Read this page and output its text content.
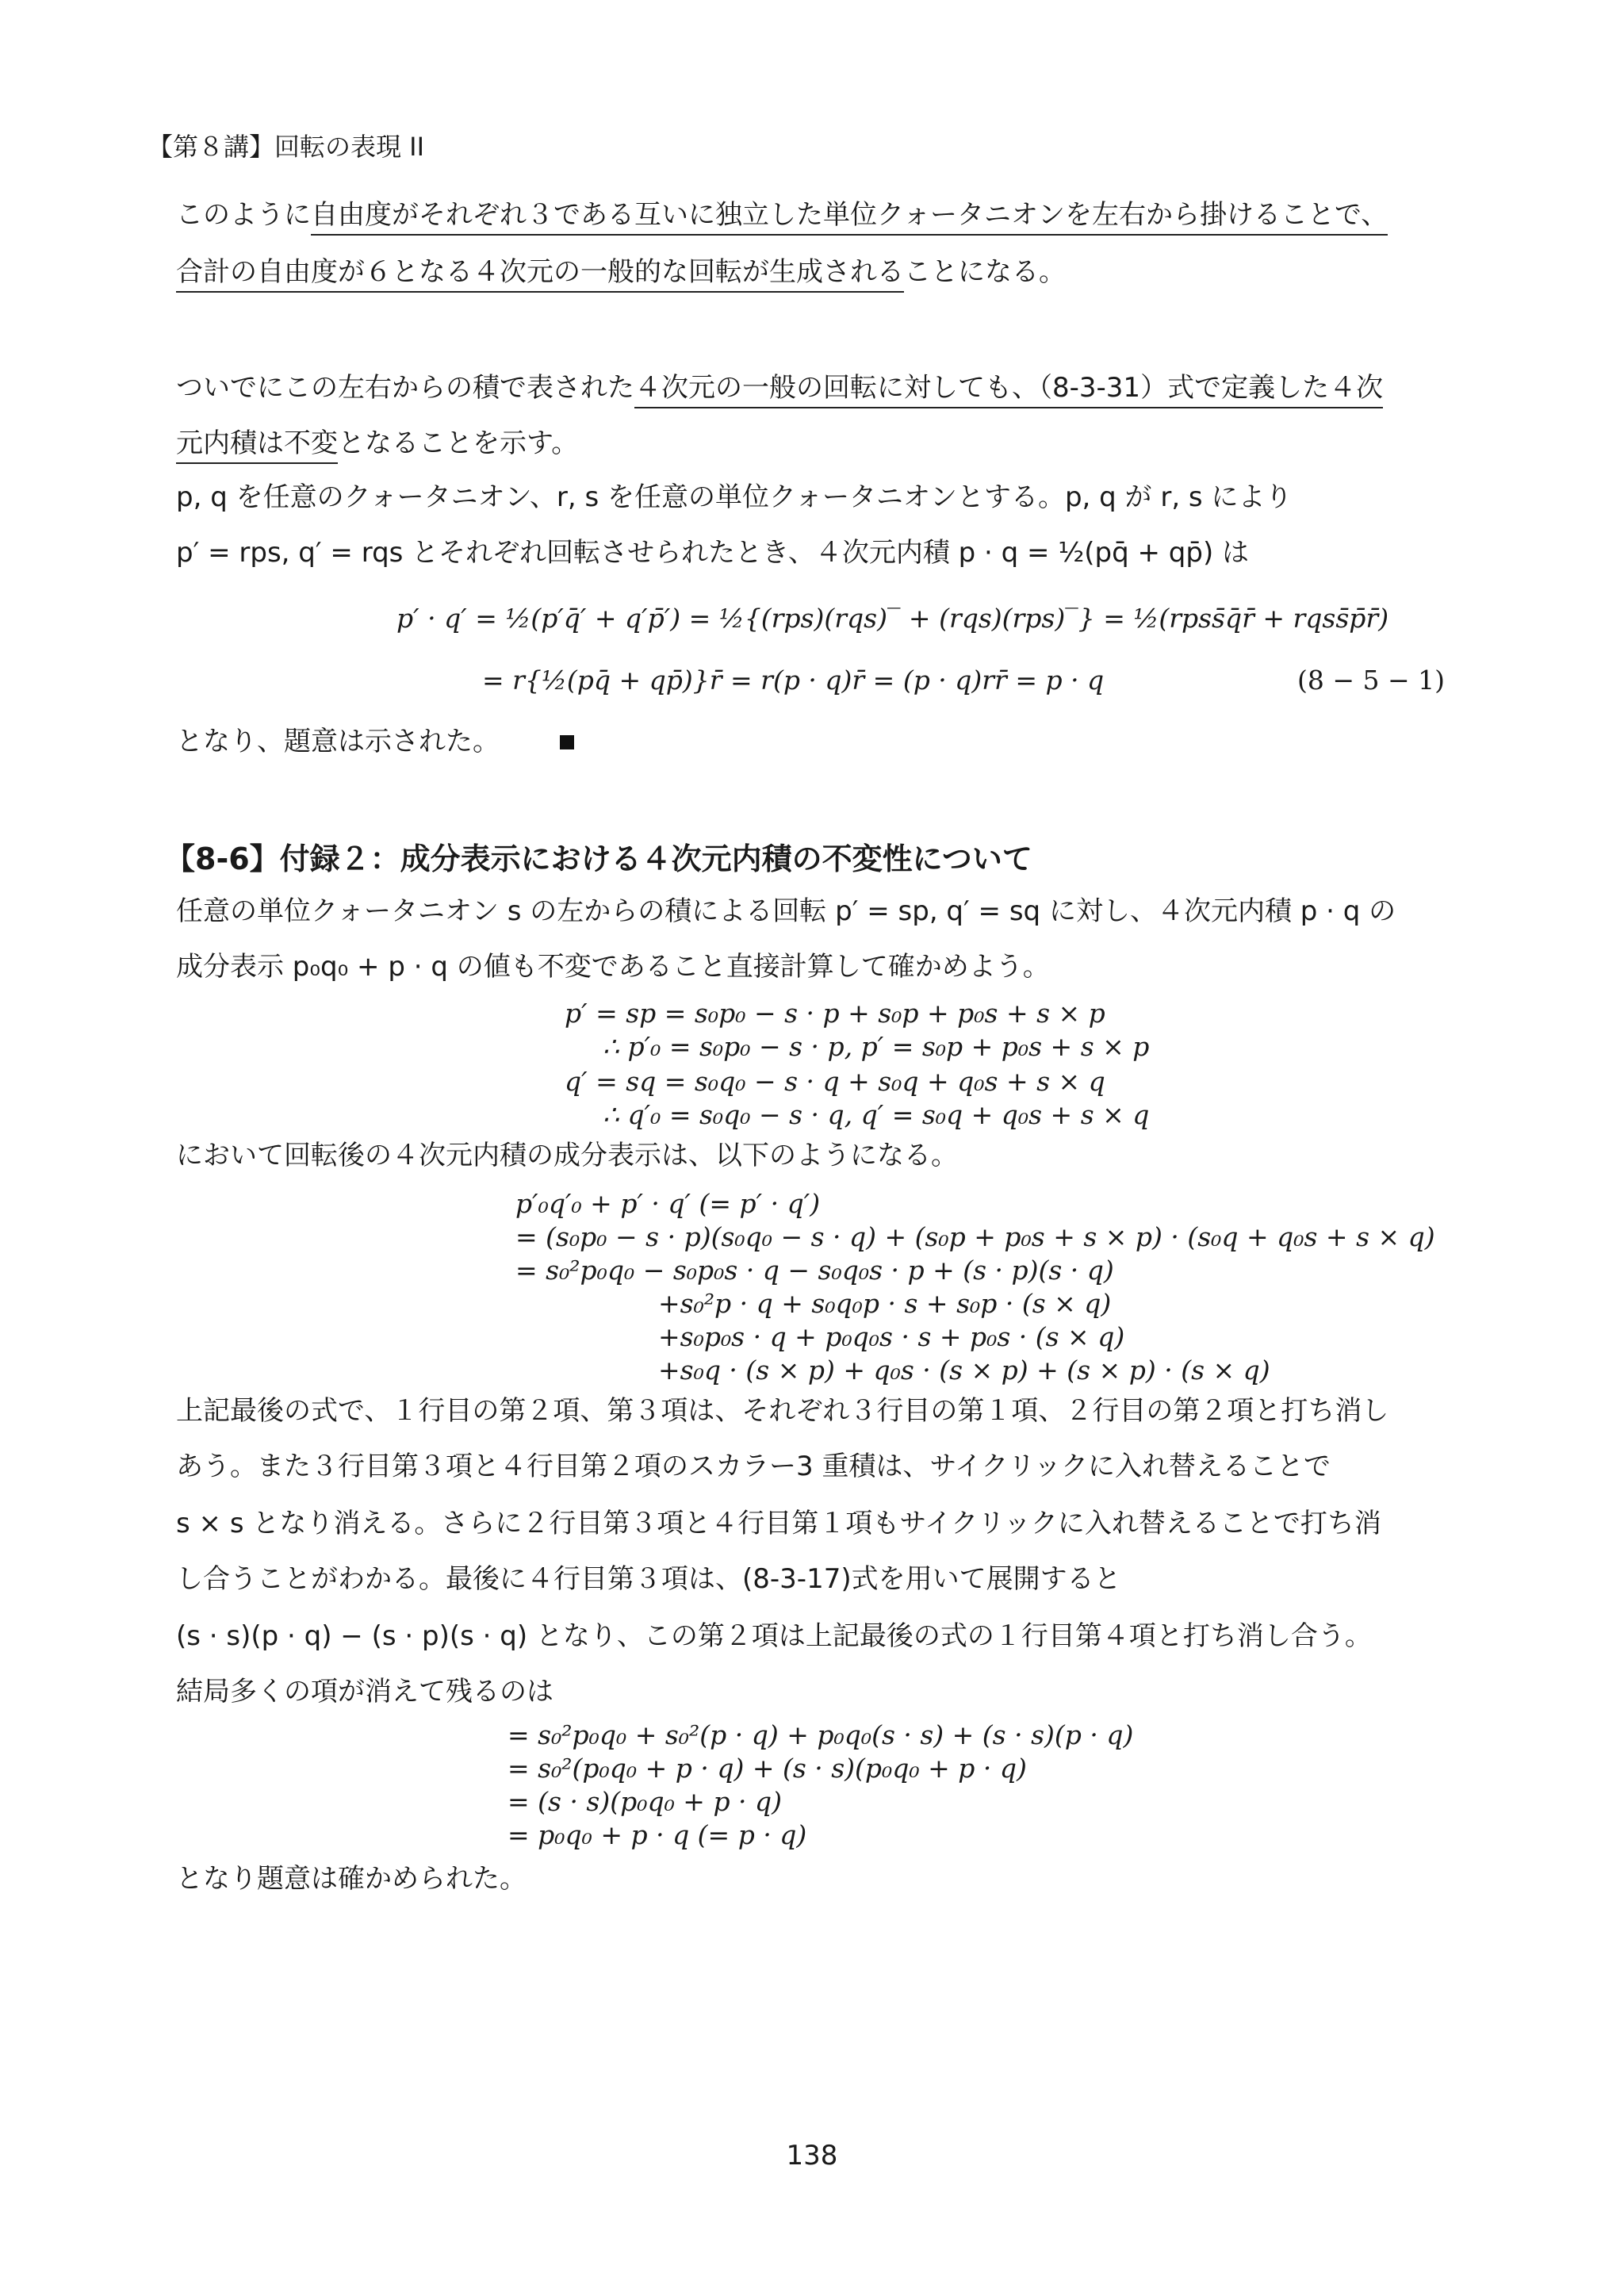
【第８講】回転の表現 II
このように自由度がそれぞれ３である互いに独立した単位クォータニオンを左右から掛けることで、
合計の自由度が６となる４次元の一般的な回転が生成されることになる。
ついでにこの左右からの積で表された４次元の一般の回転に対しても、（8-3-31）式で定義した４次
元内積は不変となることを示す。
p, q を任意のクォータニオン、r, s を任意の単位クォータニオンとする。p, q が r, s により
p′ = rps, q′ = rqs とそれぞれ回転させられたとき、４次元内積 p · q = ½(pq̄ + qp̄) は
p′ · q′ = ½(p′q̄′ + q′p̄′) = ½{(rps)(rqs)‾ + (rqs)(rps)‾} = ½(rpss̄q̄r̄ + rqss̄p̄r̄)
= r{½(pq̄ + qp̄)}r̄ = r(p · q)r̄ = (p · q)rr̄ = p · q	(8 − 5 − 1)
となり、題意は示された。
【8-6】付録２：成分表示における４次元内積の不変性について
任意の単位クォータニオン s の左からの積による回転 p′ = sp, q′ = sq に対し、４次元内積 p · q の
成分表示 p₀q₀ + p · q の値も不変であること直接計算して確かめよう。
p′ = sp = s₀p₀ − s · p + s₀p + p₀s + s × p
∴ p′₀ = s₀p₀ − s · p, p′ = s₀p + p₀s + s × p
q′ = sq = s₀q₀ − s · q + s₀q + q₀s + s × q
∴ q′₀ = s₀q₀ − s · q, q′ = s₀q + q₀s + s × q
において回転後の４次元内積の成分表示は、以下のようになる。
p′₀q′₀ + p′ · q′ (= p′ · q′)
= (s₀p₀ − s · p)(s₀q₀ − s · q) + (s₀p + p₀s + s × p) · (s₀q + q₀s + s × q)
= s₀²p₀q₀ − s₀p₀s · q − s₀q₀s · p + (s · p)(s · q)
+s₀²p · q + s₀q₀p · s + s₀p · (s × q)
+s₀p₀s · q + p₀q₀s · s + p₀s · (s × q)
+s₀q · (s × p) + q₀s · (s × p) + (s × p) · (s × q)
上記最後の式で、１行目の第２項、第３項は、それぞれ３行目の第１項、２行目の第２項と打ち消し
あう。また３行目第３項と４行目第２項のスカラー3 重積は、サイクリックに入れ替えることで
s × s となり消える。さらに２行目第３項と４行目第１項もサイクリックに入れ替えることで打ち消
し合うことがわかる。最後に４行目第３項は、(8-3-17)式を用いて展開すると
(s · s)(p · q) − (s · p)(s · q) となり、この第２項は上記最後の式の１行目第４項と打ち消し合う。
結局多くの項が消えて残るのは
= s₀²p₀q₀ + s₀²(p · q) + p₀q₀(s · s) + (s · s)(p · q)
= s₀²(p₀q₀ + p · q) + (s · s)(p₀q₀ + p · q)
= (s · s)(p₀q₀ + p · q)
= p₀q₀ + p · q (= p · q)
となり題意は確かめられた。
138
